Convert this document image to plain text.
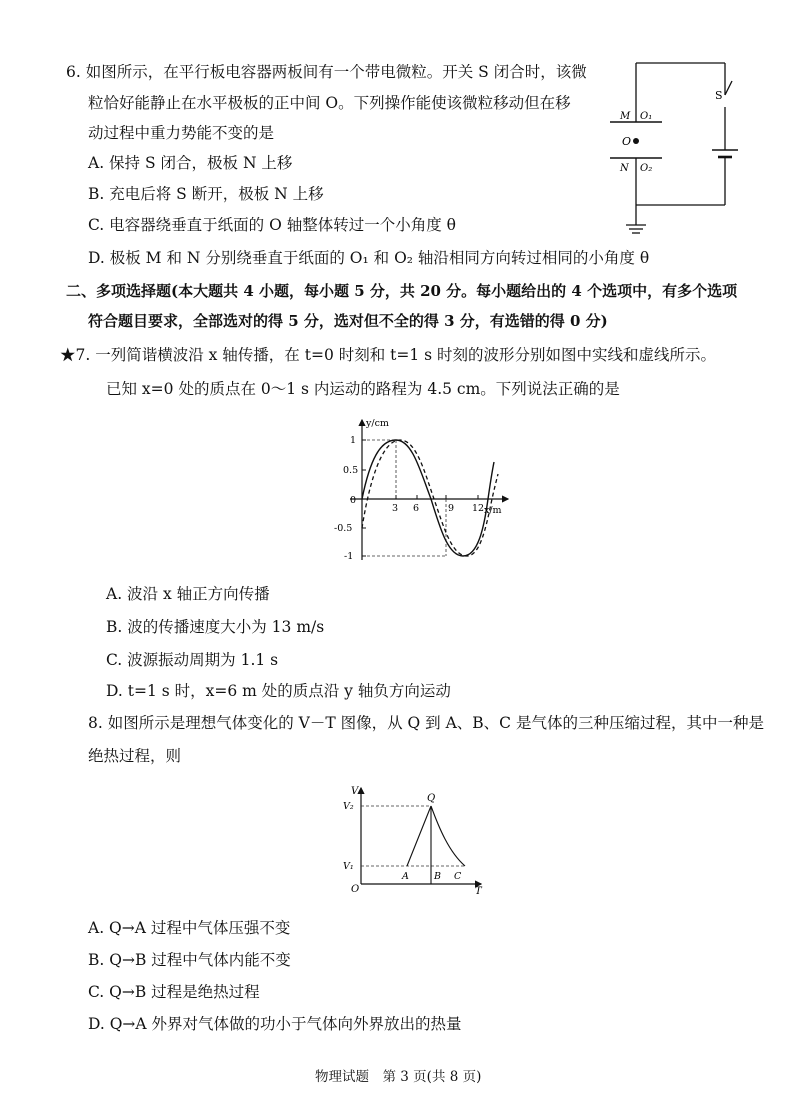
6. 如图所示，在平行板电容器两板间有一个带电微粒。开关 S 闭合时，该微
粒恰好能静止在水平极板的正中间 O。下列操作能使该微粒移动但在移
动过程中重力势能不变的是
A. 保持 S 闭合，极板 N 上移
B. 充电后将 S 断开，极板 N 上移
C. 电容器绕垂直于纸面的 O 轴整体转过一个小角度 θ
D. 极板 M 和 N 分别绕垂直于纸面的 O₁ 和 O₂ 轴沿相同方向转过相同的小角度 θ
S
M O₁
O
N O₂
二、多项选择题(本大题共 4 小题，每小题 5 分，共 20 分。每小题给出的 4 个选项中，有多个选项
符合题目要求，全部选对的得 5 分，选对但不全的得 3 分，有选错的得 0 分)
★7. 一列简谐横波沿 x 轴传播，在 t=0 时刻和 t=1 s 时刻的波形分别如图中实线和虚线所示。
已知 x=0 处的质点在 0～1 s 内运动的路程为 4.5 cm。下列说法正确的是
y/cm
x/m
1
0.5
0
-0.5
-1
3 6	9 12
A. 波沿 x 轴正方向传播
B. 波的传播速度大小为 13 m/s
C. 波源振动周期为 1.1 s
D. t=1 s 时，x=6 m 处的质点沿 y 轴负方向运动
8. 如图所示是理想气体变化的 V－T 图像，从 Q 到 A、B、C 是气体的三种压缩过程，其中一种是
绝热过程，则
V
T
O
V₂
V₁
Q
A	B C
A. Q→A 过程中气体压强不变
B. Q→B 过程中气体内能不变
C. Q→B 过程是绝热过程
D. Q→A 外界对气体做的功小于气体向外界放出的热量
物理试题　第 3 页(共 8 页)
